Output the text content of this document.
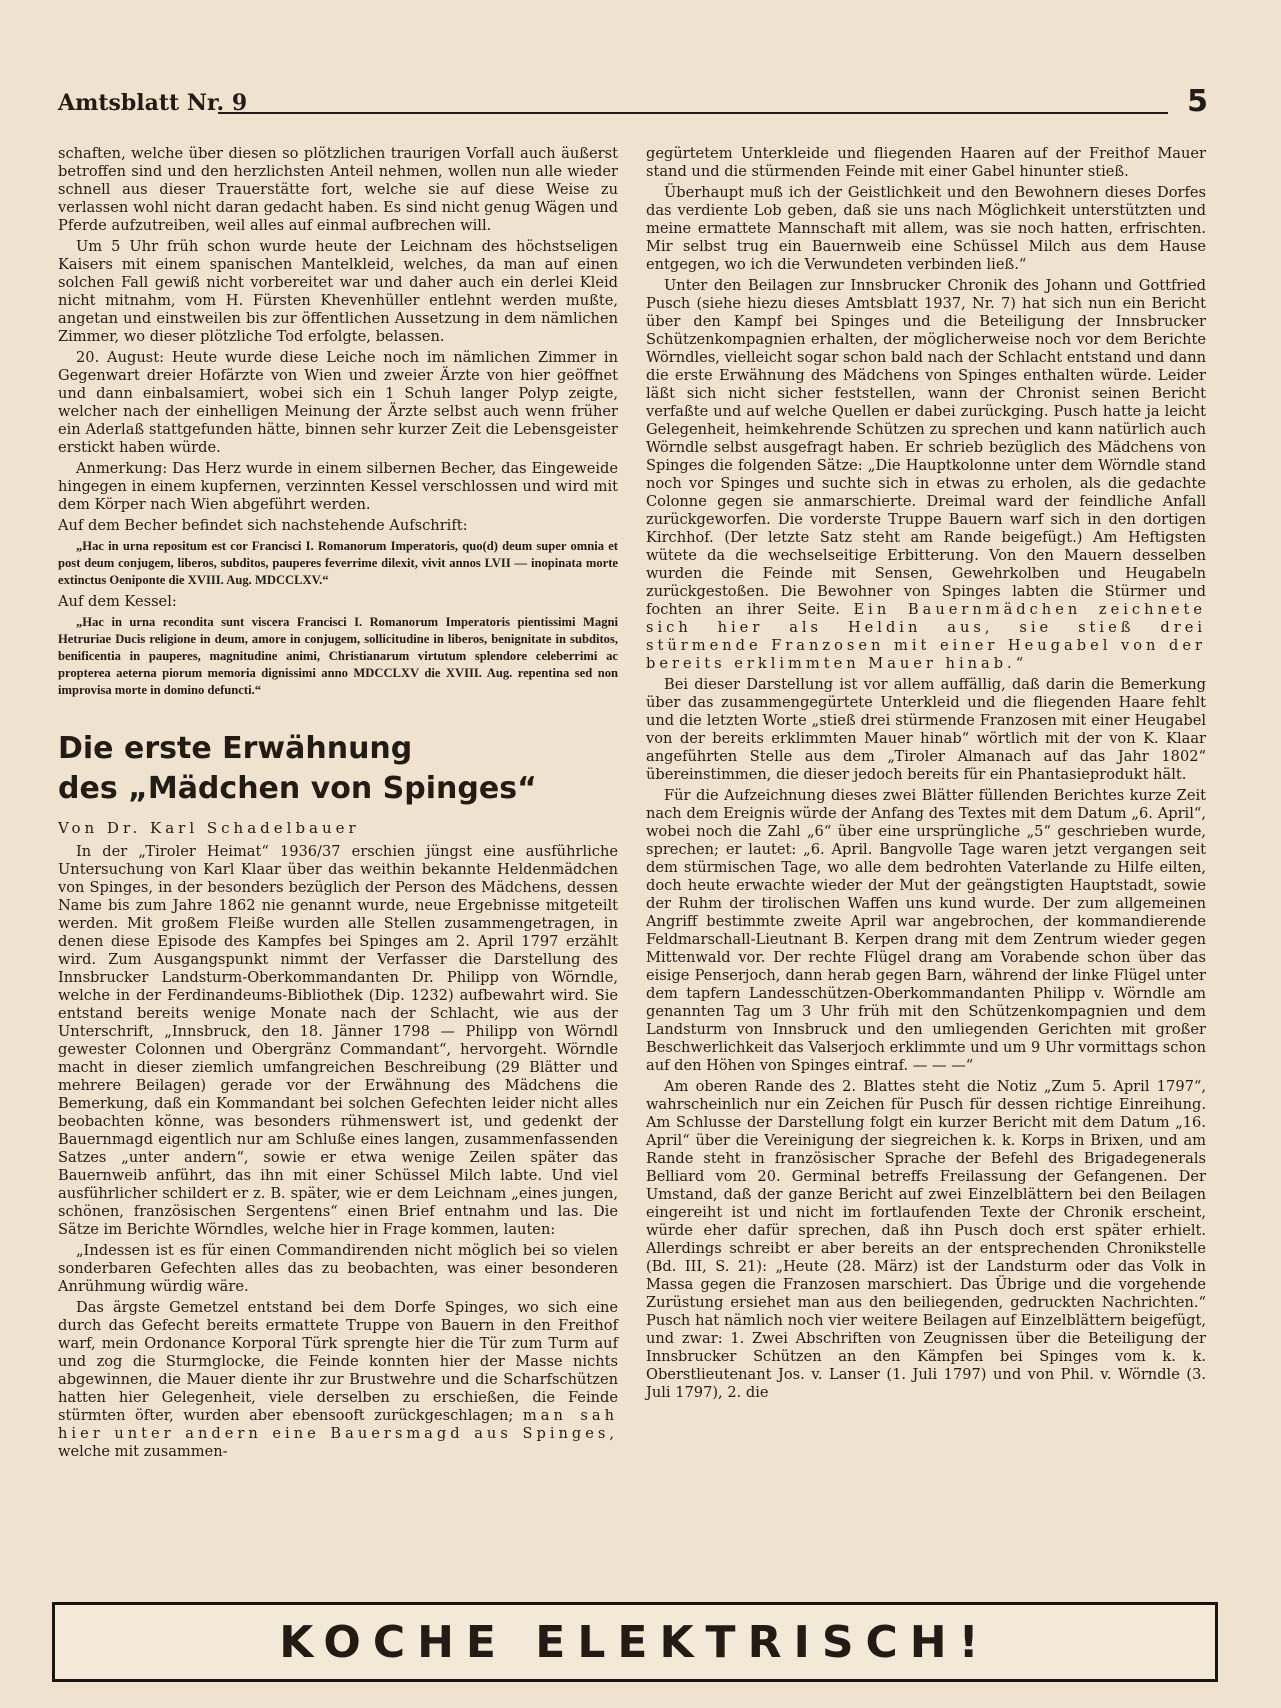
Amtsblatt Nr. 9	5

schaften, welche über diesen so plötzlichen traurigen Vorfall auch äußerst betroffen sind und den herzlichsten Anteil nehmen, wollen nun alle wieder schnell aus dieser Trauerstätte fort, welche sie auf diese Weise zu verlassen wohl nicht daran gedacht haben. Es sind nicht genug Wägen und Pferde aufzutreiben, weil alles auf einmal aufbrechen will.

Um 5 Uhr früh schon wurde heute der Leichnam des höchstseligen Kaisers mit einem spanischen Mantelkleid, welches, da man auf einen solchen Fall gewiß nicht vorbereitet war und daher auch ein derlei Kleid nicht mitnahm, vom H. Fürsten Khevenhüller entlehnt werden mußte, angetan und einstweilen bis zur öffentlichen Aussetzung in dem nämlichen Zimmer, wo dieser plötzliche Tod erfolgte, belassen.

20. August: Heute wurde diese Leiche noch im nämlichen Zimmer in Gegenwart dreier Hofärzte von Wien und zweier Ärzte von hier geöffnet und dann einbalsamiert, wobei sich ein 1 Schuh langer Polyp zeigte, welcher nach der einhelligen Meinung der Ärzte selbst auch wenn früher ein Aderlaß stattgefunden hätte, binnen sehr kurzer Zeit die Lebensgeister erstickt haben würde.

Anmerkung: Das Herz wurde in einem silbernen Becher, das Eingeweide hingegen in einem kupfernen, verzinnten Kessel verschlossen und wird mit dem Körper nach Wien abgeführt werden.

Auf dem Becher befindet sich nachstehende Aufschrift:

„Hac in urna repositum est cor Francisci I. Romanorum Imperatoris, quo(d) deum super omnia et post deum conjugem, liberos, subditos, pauperes feverrime dilexit, vivit annos LVII — inopinata morte extinctus Oeniponte die XVIII. Aug. MDCCLXV.“

Auf dem Kessel:

„Hac in urna recondita sunt viscera Francisci I. Romanorum Imperatoris pientissimi Magni Hetruriae Ducis religione in deum, amore in conjugem, sollicitudine in liberos, benignitate in subditos, benificentia in pauperes, magnitudine animi, Christianarum virtutum splendore celeberrimi ac propterea aeterna piorum memoria dignissimi anno MDCCLXV die XVIII. Aug. repentina sed non improvisa morte in domino defuncti.“

Die erste Erwähnung
des „Mädchen von Spinges“
Von Dr. Karl Schadelbauer

In der „Tiroler Heimat“ 1936/37 erschien jüngst eine ausführliche Untersuchung von Karl Klaar über das weithin bekannte Heldenmädchen von Spinges, in der besonders bezüglich der Person des Mädchens, dessen Name bis zum Jahre 1862 nie genannt wurde, neue Ergebnisse mitgeteilt werden. Mit großem Fleiße wurden alle Stellen zusammengetragen, in denen diese Episode des Kampfes bei Spinges am 2. April 1797 erzählt wird. Zum Ausgangspunkt nimmt der Verfasser die Darstellung des Innsbrucker Landsturm-Oberkommandanten Dr. Philipp von Wörndle, welche in der Ferdinandeums-Bibliothek (Dip. 1232) aufbewahrt wird. Sie entstand bereits wenige Monate nach der Schlacht, wie aus der Unterschrift, „Innsbruck, den 18. Jänner 1798 — Philipp von Wörndl gewester Colonnen und Obergränz Commandant“, hervorgeht. Wörndle macht in dieser ziemlich umfangreichen Beschreibung (29 Blätter und mehrere Beilagen) gerade vor der Erwähnung des Mädchens die Bemerkung, daß ein Kommandant bei solchen Gefechten leider nicht alles beobachten könne, was besonders rühmenswert ist, und gedenkt der Bauernmagd eigentlich nur am Schluße eines langen, zusammenfassenden Satzes „unter andern“, sowie er etwa wenige Zeilen später das Bauernweib anführt, das ihn mit einer Schüssel Milch labte. Und viel ausführlicher schildert er z. B. später, wie er dem Leichnam „eines jungen, schönen, französischen Sergentens“ einen Brief entnahm und las. Die Sätze im Berichte Wörndles, welche hier in Frage kommen, lauten:

„Indessen ist es für einen Commandirenden nicht möglich bei so vielen sonderbaren Gefechten alles das zu beobachten, was einer besonderen Anrühmung würdig wäre.

Das ärgste Gemetzel entstand bei dem Dorfe Spinges, wo sich eine durch das Gefecht bereits ermattete Truppe von Bauern in den Freithof warf, mein Ordonance Korporal Türk sprengte hier die Tür zum Turm auf und zog die Sturmglocke, die Feinde konnten hier der Masse nichts abgewinnen, die Mauer diente ihr zur Brustwehre und die Scharfschützen hatten hier Gelegenheit, viele derselben zu erschießen, die Feinde stürmten öfter, wurden aber ebensooft zurückgeschlagen; man sah hier unter andern eine Bauersmagd aus Spinges, welche mit zusammen-

gegürtetem Unterkleide und fliegenden Haaren auf der Freithof Mauer stand und die stürmenden Feinde mit einer Gabel hinunter stieß.

Überhaupt muß ich der Geistlichkeit und den Bewohnern dieses Dorfes das verdiente Lob geben, daß sie uns nach Möglichkeit unterstützten und meine ermattete Mannschaft mit allem, was sie noch hatten, erfrischten. Mir selbst trug ein Bauernweib eine Schüssel Milch aus dem Hause entgegen, wo ich die Verwundeten verbinden ließ.“

Unter den Beilagen zur Innsbrucker Chronik des Johann und Gottfried Pusch (siehe hiezu dieses Amtsblatt 1937, Nr. 7) hat sich nun ein Bericht über den Kampf bei Spinges und die Beteiligung der Innsbrucker Schützenkompagnien erhalten, der möglicherweise noch vor dem Berichte Wörndles, vielleicht sogar schon bald nach der Schlacht entstand und dann die erste Erwähnung des Mädchens von Spinges enthalten würde. Leider läßt sich nicht sicher feststellen, wann der Chronist seinen Bericht verfaßte und auf welche Quellen er dabei zurückging. Pusch hatte ja leicht Gelegenheit, heimkehrende Schützen zu sprechen und kann natürlich auch Wörndle selbst ausgefragt haben. Er schrieb bezüglich des Mädchens von Spinges die folgenden Sätze: „Die Hauptkolonne unter dem Wörndle stand noch vor Spinges und suchte sich in etwas zu erholen, als die gedachte Colonne gegen sie anmarschierte. Dreimal ward der feindliche Anfall zurückgeworfen. Die vorderste Truppe Bauern warf sich in den dortigen Kirchhof. (Der letzte Satz steht am Rande beigefügt.) Am Heftigsten wütete da die wechselseitige Erbitterung. Von den Mauern desselben wurden die Feinde mit Sensen, Gewehrkolben und Heugabeln zurückgestoßen. Die Bewohner von Spinges labten die Stürmer und fochten an ihrer Seite. Ein Bauernmädchen zeichnete sich hier als Heldin aus, sie stieß drei stürmende Franzosen mit einer Heugabel von der bereits erklimmten Mauer hinab.“

Bei dieser Darstellung ist vor allem auffällig, daß darin die Bemerkung über das zusammengegürtete Unterkleid und die fliegenden Haare fehlt und die letzten Worte „stieß drei stürmende Franzosen mit einer Heugabel von der bereits erklimmten Mauer hinab“ wörtlich mit der von K. Klaar angeführten Stelle aus dem „Tiroler Almanach auf das Jahr 1802“ übereinstimmen, die dieser jedoch bereits für ein Phantasieprodukt hält.

Für die Aufzeichnung dieses zwei Blätter füllenden Berichtes kurze Zeit nach dem Ereignis würde der Anfang des Textes mit dem Datum „6. April“, wobei noch die Zahl „6“ über eine ursprüngliche „5“ geschrieben wurde, sprechen; er lautet: „6. April. Bangvolle Tage waren jetzt vergangen seit dem stürmischen Tage, wo alle dem bedrohten Vaterlande zu Hilfe eilten, doch heute erwachte wieder der Mut der geängstigten Hauptstadt, sowie der Ruhm der tirolischen Waffen uns kund wurde. Der zum allgemeinen Angriff bestimmte zweite April war angebrochen, der kommandierende Feldmarschall-Lieutnant B. Kerpen drang mit dem Zentrum wieder gegen Mittenwald vor. Der rechte Flügel drang am Vorabende schon über das eisige Penserjoch, dann herab gegen Barn, während der linke Flügel unter dem tapfern Landesschützen-Oberkommandanten Philipp v. Wörndle am genannten Tag um 3 Uhr früh mit den Schützenkompagnien und dem Landsturm von Innsbruck und den umliegenden Gerichten mit großer Beschwerlichkeit das Valserjoch erklimmte und um 9 Uhr vormittags schon auf den Höhen von Spinges eintraf. — — —“

Am oberen Rande des 2. Blattes steht die Notiz „Zum 5. April 1797“, wahrscheinlich nur ein Zeichen für Pusch für dessen richtige Einreihung. Am Schlusse der Darstellung folgt ein kurzer Bericht mit dem Datum „16. April“ über die Vereinigung der siegreichen k. k. Korps in Brixen, und am Rande steht in französischer Sprache der Befehl des Brigadegenerals Belliard vom 20. Germinal betreffs Freilassung der Gefangenen. Der Umstand, daß der ganze Bericht auf zwei Einzelblättern bei den Beilagen eingereiht ist und nicht im fortlaufenden Texte der Chronik erscheint, würde eher dafür sprechen, daß ihn Pusch doch erst später erhielt. Allerdings schreibt er aber bereits an der entsprechenden Chronikstelle (Bd. III, S. 21): „Heute (28. März) ist der Landsturm oder das Volk in Massa gegen die Franzosen marschiert. Das Übrige und die vorgehende Zurüstung ersiehet man aus den beiliegenden, gedruckten Nachrichten.“ Pusch hat nämlich noch vier weitere Beilagen auf Einzelblättern beigefügt, und zwar: 1. Zwei Abschriften von Zeugnissen über die Beteiligung der Innsbrucker Schützen an den Kämpfen bei Spinges vom k. k. Oberstlieutenant Jos. v. Lanser (1. Juli 1797) und von Phil. v. Wörndle (3. Juli 1797), 2. die

KOCHE ELEKTRISCH!
